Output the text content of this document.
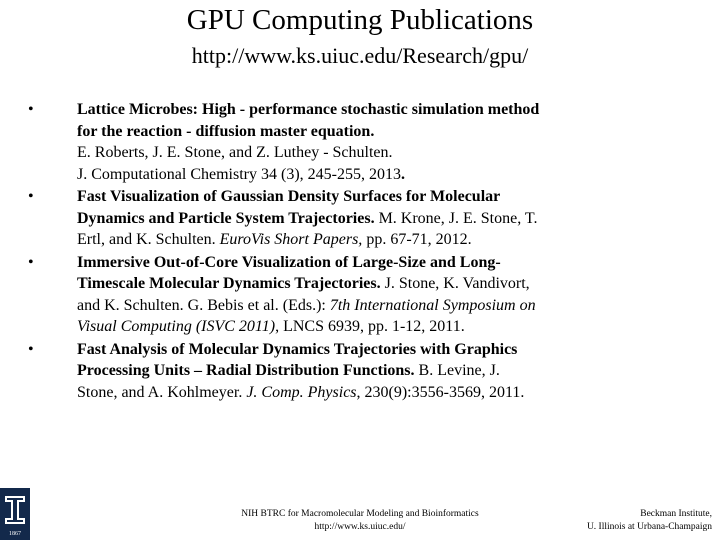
GPU Computing Publications
http://www.ks.uiuc.edu/Research/gpu/
•	Lattice Microbes: High - performance stochastic simulation method
for the reaction - diffusion master equation.
E. Roberts, J. E. Stone, and Z. Luthey - Schulten.
J. Computational Chemistry 34 (3), 245-255, 2013.
•	Fast Visualization of Gaussian Density Surfaces for Molecular
Dynamics and Particle System Trajectories. M. Krone, J. E. Stone, T.
Ertl, and K. Schulten. EuroVis Short Papers, pp. 67-71, 2012.
•	Immersive Out-of-Core Visualization of Large-Size and Long-
Timescale Molecular Dynamics Trajectories. J. Stone, K. Vandivort,
and K. Schulten. G. Bebis et al. (Eds.): 7th International Symposium on
Visual Computing (ISVC 2011), LNCS 6939, pp. 1-12, 2011.
•	Fast Analysis of Molecular Dynamics Trajectories with Graphics
Processing Units – Radial Distribution Functions. B. Levine, J.
Stone, and A. Kohlmeyer. J. Comp. Physics, 230(9):3556-3569, 2011.
1867
NIH BTRC for Macromolecular Modeling and Bioinformatics
http://www.ks.uiuc.edu/
Beckman Institute,
U. Illinois at Urbana-Champaign
